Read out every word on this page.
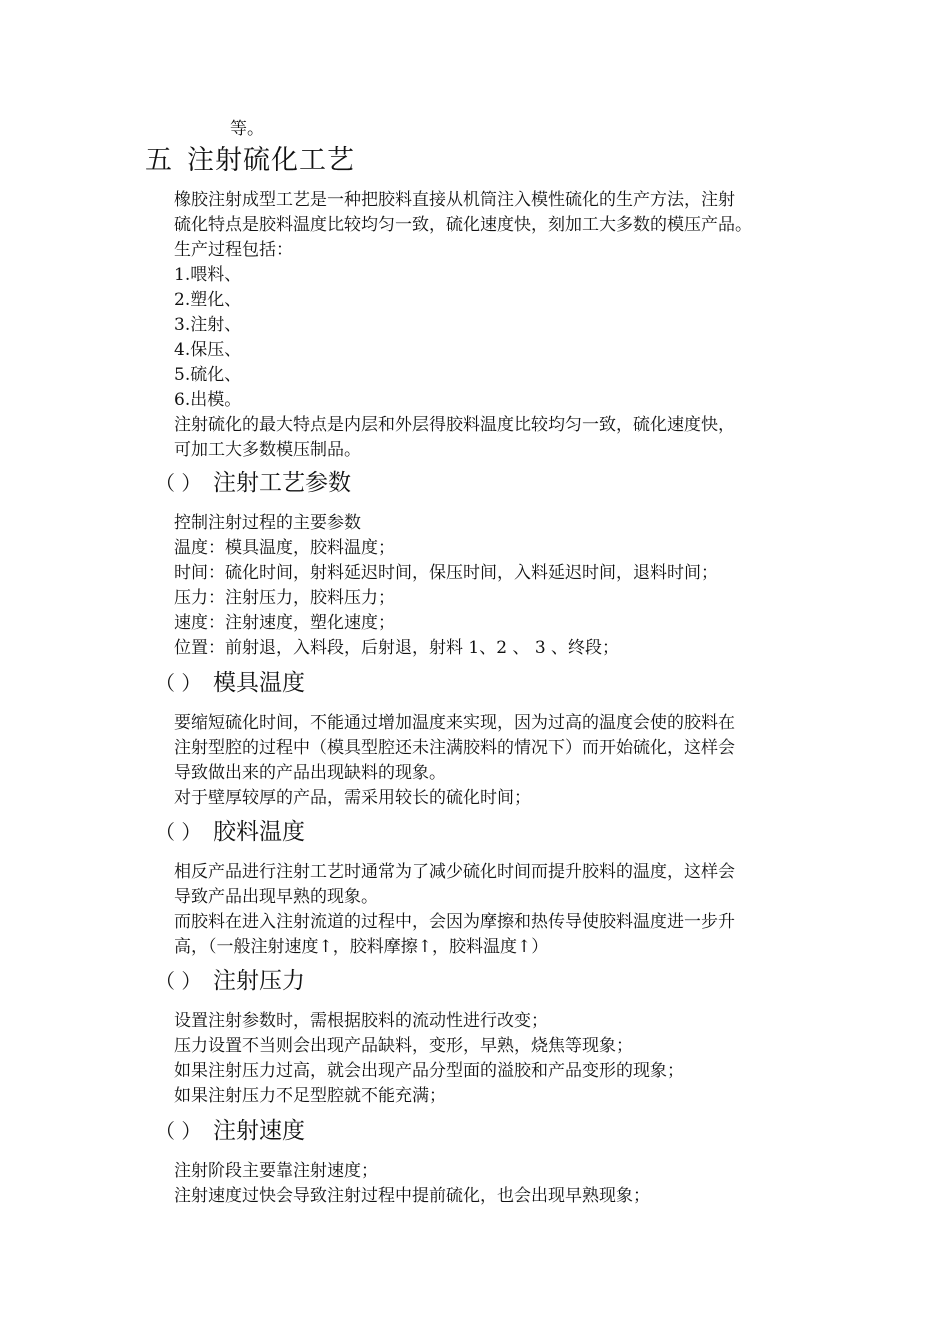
等。
五 注射硫化工艺

橡胶注射成型工艺是一种把胶料直接从机筒注入模性硫化的生产方法，注射

硫化特点是胶料温度比较均匀一致，硫化速度快，刻加工大多数的模压产品。

生产过程包括：

1.喂料、

2.塑化、

3.注射、

4.保压、

5.硫化、

6.出模。

注射硫化的最大特点是内层和外层得胶料温度比较均匀一致，硫化速度快，

可加工大多数模压制品。

（ ） 注射工艺参数

控制注射过程的主要参数

温度：模具温度，胶料温度；

时间：硫化时间，射料延迟时间，保压时间，入料延迟时间，退料时间；

压力：注射压力，胶料压力；

速度：注射速度，塑化速度；

位置：前射退，入料段，后射退，射料 1、2 、 3 、终段；

（ ） 模具温度

要缩短硫化时间，不能通过增加温度来实现，因为过高的温度会使的胶料在

注射型腔的过程中（模具型腔还未注满胶料的情况下）而开始硫化，这样会

导致做出来的产品出现缺料的现象。

对于壁厚较厚的产品，需采用较长的硫化时间；

（ ） 胶料温度

相反产品进行注射工艺时通常为了减少硫化时间而提升胶料的温度，这样会

导致产品出现早熟的现象。

而胶料在进入注射流道的过程中，会因为摩擦和热传导使胶料温度进一步升

高，（一般注射速度↑，胶料摩擦↑，胶料温度↑）

（ ） 注射压力

设置注射参数时，需根据胶料的流动性进行改变；

压力设置不当则会出现产品缺料，变形，早熟，烧焦等现象；

如果注射压力过高，就会出现产品分型面的溢胶和产品变形的现象；

如果注射压力不足型腔就不能充满；

（ ） 注射速度

注射阶段主要靠注射速度；

注射速度过快会导致注射过程中提前硫化，也会出现早熟现象；
